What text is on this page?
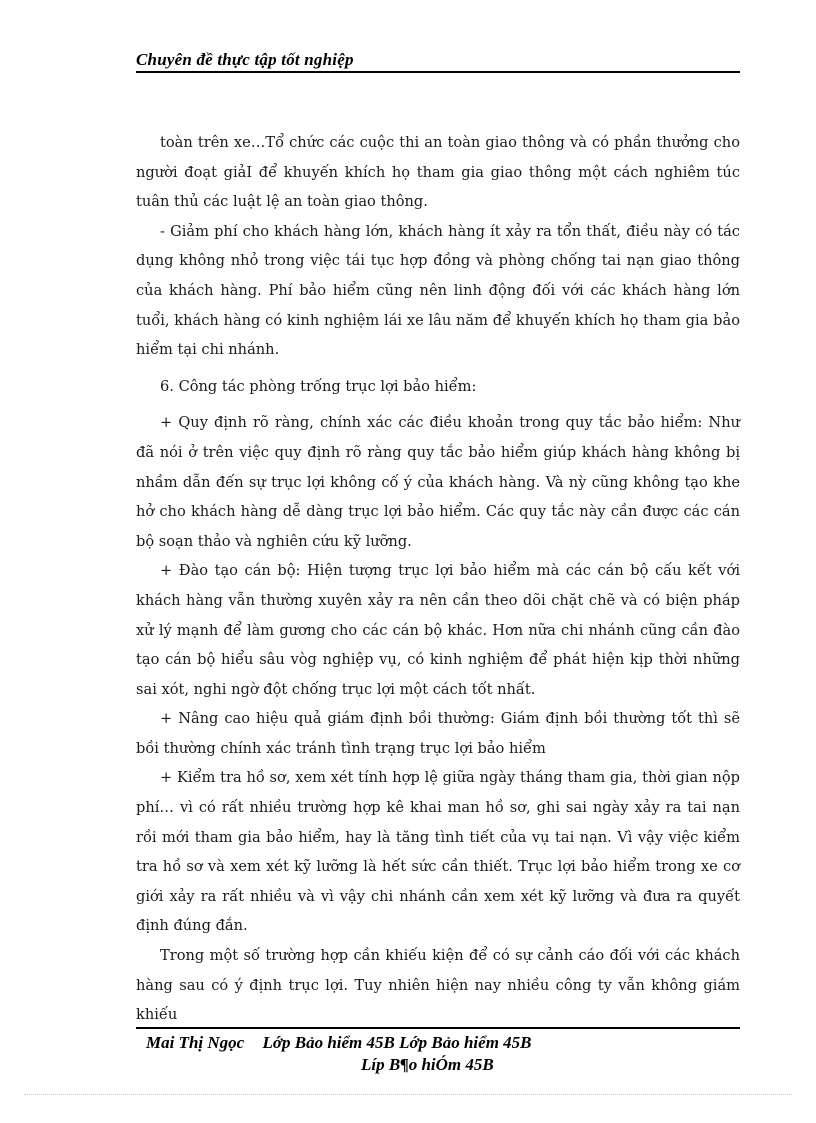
Chuyên đề thực tập tốt nghiệp

toàn trên xe…Tổ chức các cuộc thi an toàn giao thông và có phần thưởng cho người đoạt giảI để khuyến khích họ tham gia giao thông một cách nghiêm túc tuân thủ các luật lệ an toàn giao thông.

- Giảm phí cho khách hàng lớn, khách hàng ít xảy ra tổn thất, điều này có tác dụng không nhỏ trong việc tái tục hợp đồng và phòng chống tai nạn giao thông của khách hàng. Phí bảo hiểm cũng nên linh động đối với các khách hàng lớn tuổi, khách hàng có kinh nghiệm lái xe lâu năm để khuyến khích họ tham gia bảo hiểm tại chi nhánh.

6. Công tác phòng trống trục lợi bảo hiểm:

+ Quy định rõ ràng, chính xác các điều khoản trong quy tắc bảo hiểm: Như đã nói ở trên việc quy định rõ ràng quy tắc bảo hiểm giúp khách hàng không bị nhầm dẫn đến sự trục lợi không cố ý của khách hàng. Và nỳ cũng không tạo khe hở cho khách hàng dễ dàng trục lợi bảo hiểm. Các quy tắc này cần được các cán bộ soạn thảo và nghiên cứu kỹ lưỡng.

+ Đào tạo cán bộ: Hiện tượng trục lợi bảo hiểm mà các cán bộ cấu kết với khách hàng vẫn thường xuyên xảy ra nên cần theo dõi chặt chẽ và có biện pháp xử lý mạnh để làm gương cho các cán bộ khác. Hơn nữa chi nhánh cũng cần đào tạo cán bộ hiểu sâu vòg nghiệp vụ, có kinh nghiệm để phát hiện kịp thời những sai xót, nghi ngờ đột chống trục lợi một cách tốt nhất.

+ Nâng cao hiệu quả giám định bồi thường: Giám định bồi thường tốt thì sẽ bồi thường chính xác tránh tình trạng trục lợi bảo hiểm

+ Kiểm tra hồ sơ, xem xét tính hợp lệ giữa ngày tháng tham gia, thời gian nộp phí… vì có rất nhiều trường hợp kê khai man hồ sơ, ghi sai ngày xảy ra tai nạn rồi mới tham gia bảo hiểm, hay là tăng tình tiết của vụ tai nạn. Vì vậy việc kiểm tra hồ sơ và xem xét kỹ lưỡng là hết sức cần thiết. Trục lợi bảo hiểm trong xe cơ giới xảy ra rất nhiều và vì vậy chi nhánh cần xem xét kỹ lưỡng và đưa ra quyết định đúng đắn.

Trong một số trường hợp cần khiếu kiện để có sự cảnh cáo đối với các khách hàng sau có ý định trục lợi. Tuy nhiên hiện nay nhiều công ty vẫn không giám khiếu

Mai Thị Ngọc Lớp Bảo hiểm 45B Lớp Bảo hiểm 45B
Líp B¶o hiÓm 45B
